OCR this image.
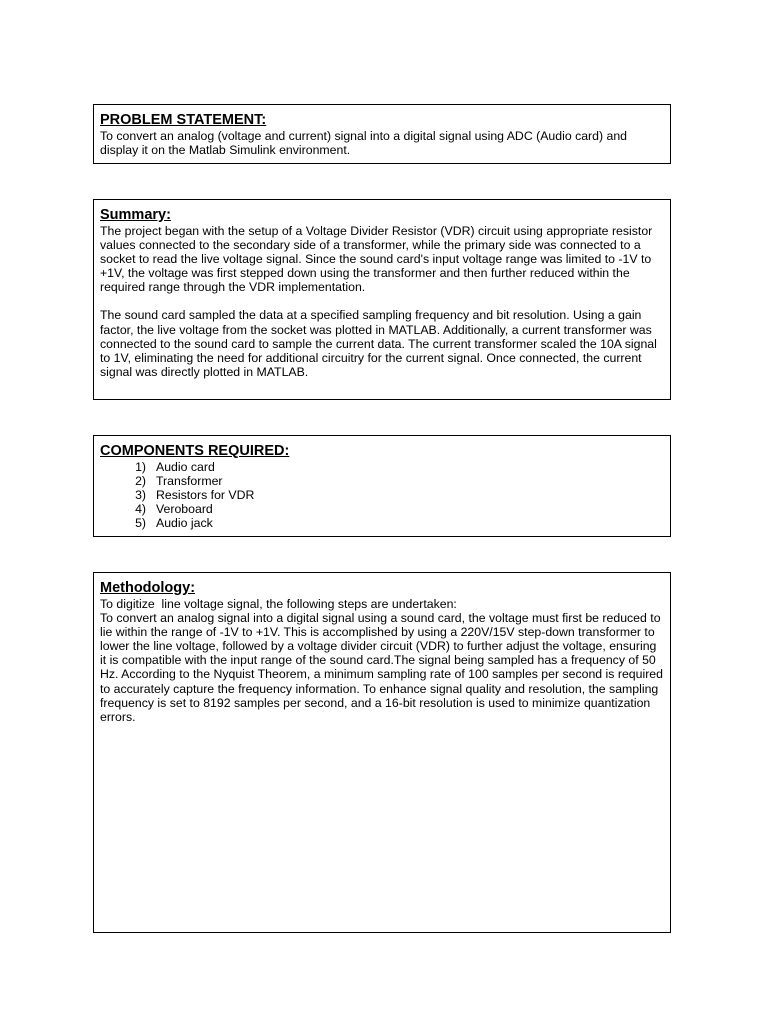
PROBLEM STATEMENT:

To convert an analog (voltage and current) signal into a digital signal using ADC (Audio card) and display it on the Matlab Simulink environment.

Summary:

The project began with the setup of a Voltage Divider Resistor (VDR) circuit using appropriate resistor values connected to the secondary side of a transformer, while the primary side was connected to a socket to read the live voltage signal. Since the sound card's input voltage range was limited to -1V to +1V, the voltage was first stepped down using the transformer and then further reduced within the required range through the VDR implementation.

The sound card sampled the data at a specified sampling frequency and bit resolution. Using a gain factor, the live voltage from the socket was plotted in MATLAB. Additionally, a current transformer was connected to the sound card to sample the current data. The current transformer scaled the 10A signal to 1V, eliminating the need for additional circuitry for the current signal. Once connected, the current signal was directly plotted in MATLAB.

COMPONENTS REQUIRED:
1) Audio card
2) Transformer
3) Resistors for VDR
4) Veroboard
5) Audio jack
Methodology:

To digitize  line voltage signal, the following steps are undertaken:

To convert an analog signal into a digital signal using a sound card, the voltage must first be reduced to lie within the range of -1V to +1V. This is accomplished by using a 220V/15V step-down transformer to lower the line voltage, followed by a voltage divider circuit (VDR) to further adjust the voltage, ensuring it is compatible with the input range of the sound card.The signal being sampled has a frequency of 50 Hz. According to the Nyquist Theorem, a minimum sampling rate of 100 samples per second is required to accurately capture the frequency information. To enhance signal quality and resolution, the sampling frequency is set to 8192 samples per second, and a 16-bit resolution is used to minimize quantization errors.
